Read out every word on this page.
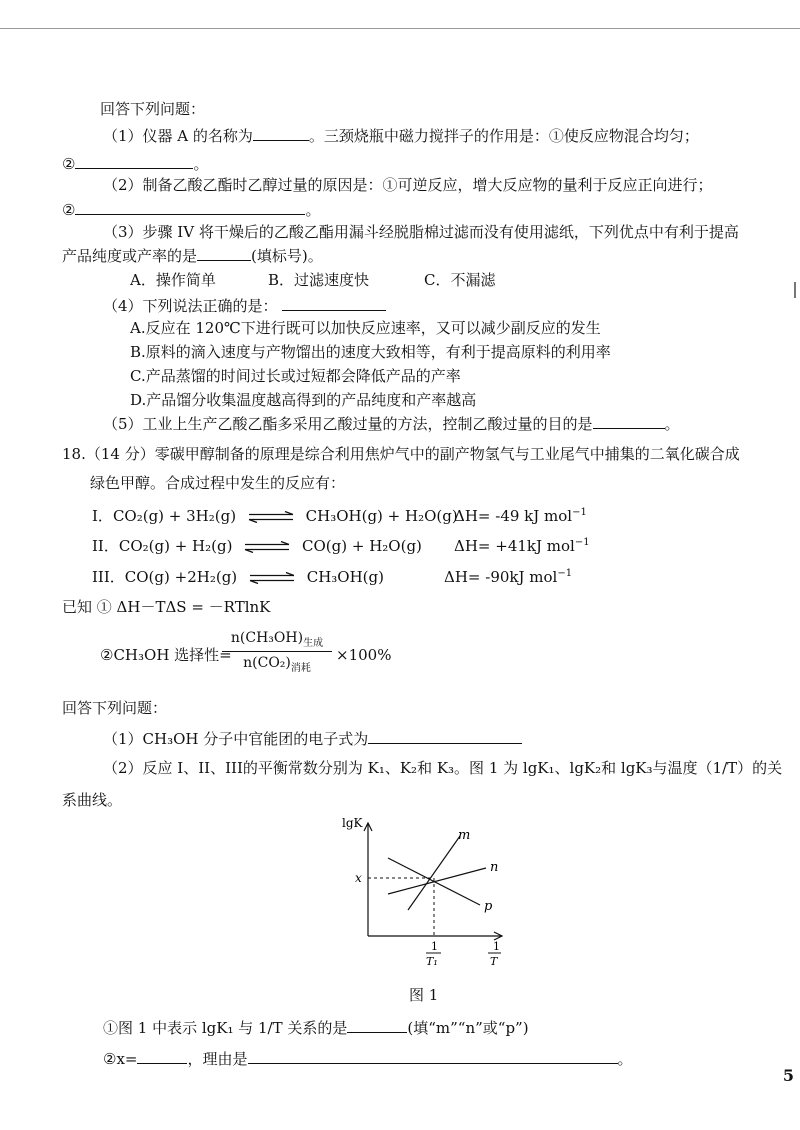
回答下列问题：
（1）仪器 A 的名称为	。三颈烧瓶中磁力搅拌子的作用是：①使反应物混合均匀；
②	。
（2）制备乙酸乙酯时乙醇过量的原因是：①可逆反应，增大反应物的量利于反应正向进行；
②	。
（3）步骤 IV 将干燥后的乙酸乙酯用漏斗经脱脂棉过滤而没有使用滤纸，下列优点中有利于提高
产品纯度或产率的是	(填标号)。
A．操作简单	B．过滤速度快	C．不漏滤
（4）下列说法正确的是：
A.反应在 120℃下进行既可以加快反应速率，又可以减少副反应的发生
B.原料的滴入速度与产物馏出的速度大致相等，有利于提高原料的利用率
C.产品蒸馏的时间过长或过短都会降低产品的产率
D.产品馏分收集温度越高得到的产品纯度和产率越高
（5）工业上生产乙酸乙酯多采用乙酸过量的方法，控制乙酸过量的目的是	。
18.（14 分）零碳甲醇制备的原理是综合利用焦炉气中的副产物氢气与工业尾气中捕集的二氧化碳合成
绿色甲醇。合成过程中发生的反应有：
I．CO₂(g) + 3H₂(g) ⇌ CH₃OH(g) + H₂O(g)
ΔH= -49 kJ mol$^{-1}$
II．CO₂(g) + H₂(g) ⇌ CO(g) + H₂O(g) ΔH= +41kJ mol$^{-1}$
III．CO(g) +2H₂(g) ⇌ CH₃OH(g)	ΔH= -90kJ mol$^{-1}$
已知 ① ΔH－TΔS = －RTlnK
②CH₃OH 选择性=
$n(CH_3OH)_{生成}$
$n(CO_2)_{消耗}$
×100%
回答下列问题：
（1）CH₃OH 分子中官能团的电子式为
（2）反应 I、II、III的平衡常数分别为 K₁、K₂和 K₃。图 1 为 lgK₁、lgK₂和 lgK₃与温度（1/T）的关
系曲线。
lgK
x
m
n
p
1
T₁
1
T
图 1
①图 1 中表示 lgK₁ 与 1/T 关系的是	(填“m”“n”或“p”)
②x=	，理由是	。
5
